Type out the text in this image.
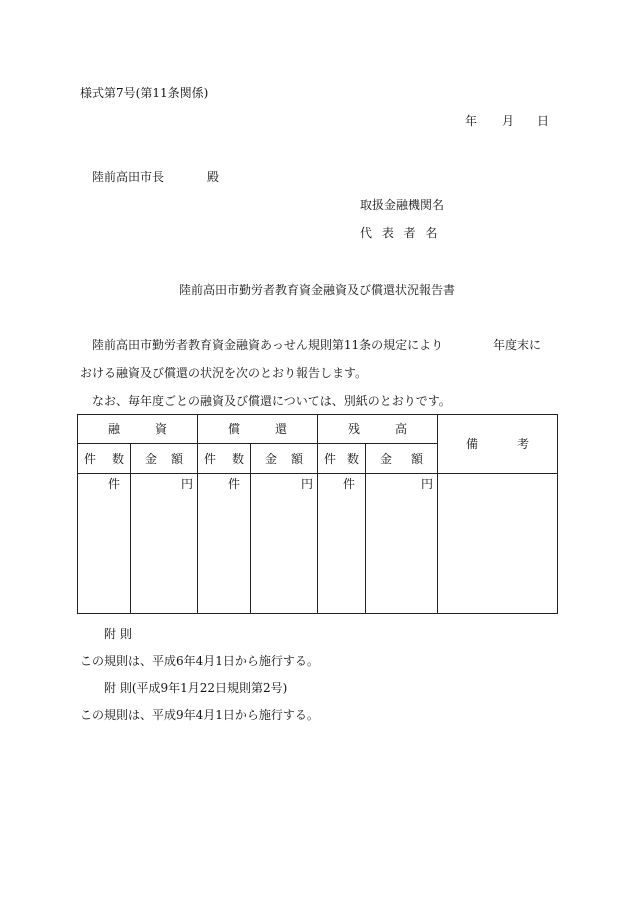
様式第7号(第11条関係)
年 月 日
陸前高田市長	殿
取扱金融機関名
代 表 者 名
陸前高田市勤労者教育資金融資及び償還状況報告書
陸前高田市勤労者教育資金融資あっせん規則第11条の規定により	年度末に
おける融資及び償還の状況を次のとおり報告します。
なお、毎年度ごとの融資及び償還については、別紙のとおりです。
融 資		償 還		残 高		備 考

件 数	金 額	件 数	金 額	件 数	金 額	

件	円	件	円	件	円	
附 則
この規則は、平成6年4月1日から施行する。
附 則(平成9年1月22日規則第2号)
この規則は、平成9年4月1日から施行する。
